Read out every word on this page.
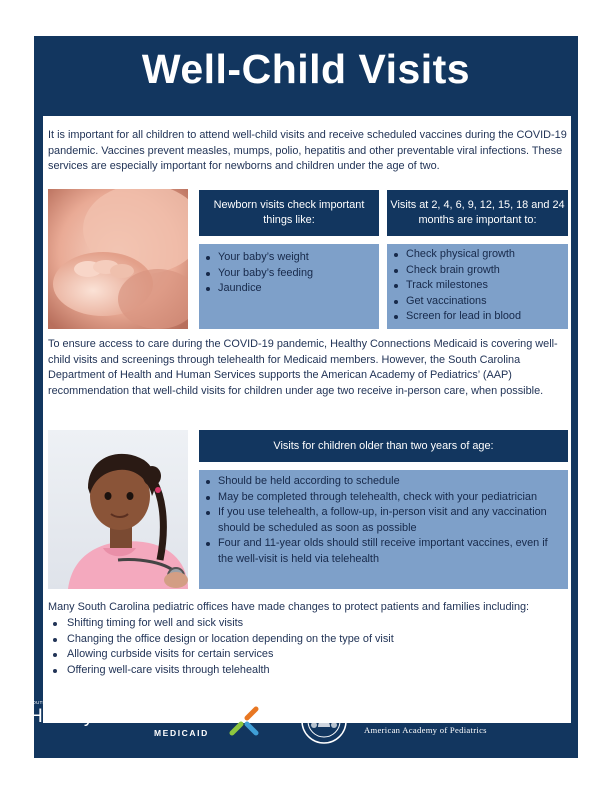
Well-Child Visits

It is important for all children to attend well-child visits and receive scheduled vaccines during the COVID-19 pandemic. Vaccines prevent measles, mumps, polio, hepatitis and other preventable viral infections. These services are especially important for newborns and children under the age of two.

Newborn visits check important things like:
Visits at 2, 4, 6, 9, 12, 15, 18 and 24 months are important to:
Your baby’s weight
Your baby’s feeding
Jaundice
Check physical growth
Check brain growth
Track milestones
Get vaccinations
Screen for lead in blood

To ensure access to care during the COVID-19 pandemic, Healthy Connections Medicaid is covering well-child visits and screenings through telehealth for Medicaid members. However, the South Carolina Department of Health and Human Services supports the American Academy of Pediatrics’ (AAP) recommendation that well-child visits for children under age two receive in-person care, when possible.

Visits for children older than two years of age:
Should be held according to schedule
May be completed through telehealth, check with your pediatrician
If you use telehealth, a follow-up, in-person visit and any vaccination should be scheduled as soon as possible
Four and 11-year olds should still receive important vaccines, even if the well-visit is held via telehealth

Many South Carolina pediatric offices have made changes to protect patients and families including:

Shifting timing for well and sick visits
Changing the office design or location depending on the type of visit
Allowing curbside visits for certain services
Offering well-care visits through telehealth
SOUTH CAROLINA DEPARTMENT OF HEALTH AND HUMAN SERVICES
Healthy Connections
MEDICAID
South Carolina Chapter
American Academy of Pediatrics
